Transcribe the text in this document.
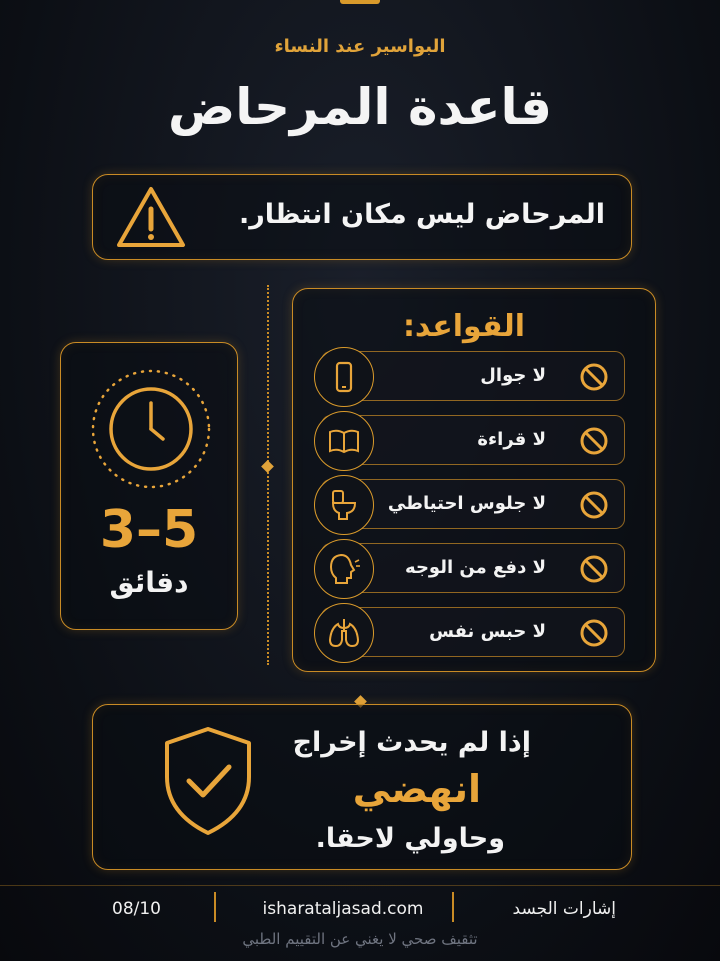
البواسير عند النساء
قاعدة المرحاض
المرحاض ليس مكان انتظار.
3–5
دقائق
القواعد:
لا جوال
لا قراءة
لا جلوس احتياطي
لا دفع من الوجه
لا حبس نفس
إذا لم يحدث إخراج
انهضي
وحاولي لاحقا.
08/10	isharataljasad.com	إشارات الجسد
تثقيف صحي لا يغني عن التقييم الطبي
